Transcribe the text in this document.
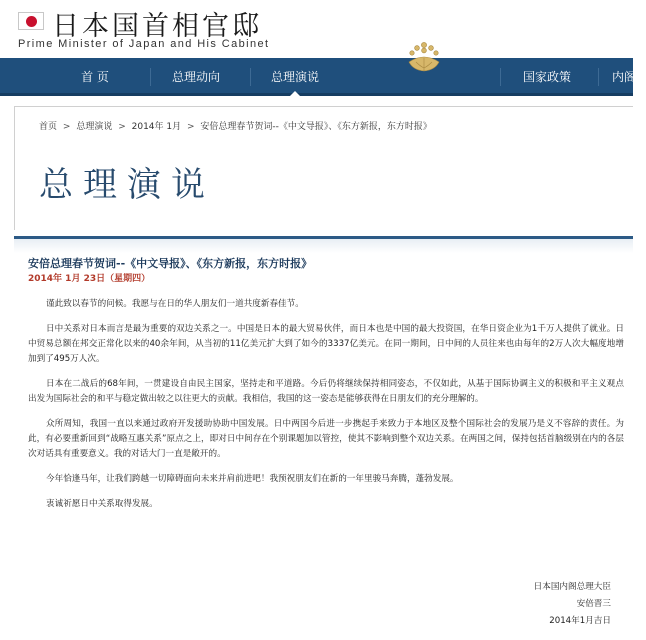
日本国首相官邸
Prime Minister of Japan and His Cabinet
首 页	总理动向	总理演说	国家政策	内阁
首页 > 总理演说 > 2014年 1月 > 安倍总理春节贺词--《中文导报》、《东方新报，东方时报》
总理演说
安倍总理春节贺词--《中文导报》、《东方新报，东方时报》
2014年 1月 23日（星期四）

谨此致以春节的问候。我愿与在日的华人朋友们一道共度新春佳节。

日中关系对日本而言是最为重要的双边关系之一。中国是日本的最大贸易伙伴，而日本也是中国的最大投资国，在华日资企业为1千万人提供了就业。日中贸易总额在邦交正常化以来的40余年间，从当初的11亿美元扩大到了如今的3337亿美元。在同一期间，日中间的人员往来也由每年的2万人次大幅度地增加到了495万人次。

日本在二战后的68年间，一贯建设自由民主国家，坚持走和平道路。今后仍将继续保持相同姿态，不仅如此，从基于国际协调主义的积极和平主义观点出发为国际社会的和平与稳定做出较之以往更大的贡献。我相信，我国的这一姿态是能够获得在日朋友们的充分理解的。

众所周知，我国一直以来通过政府开发援助协助中国发展。日中两国今后进一步携起手来致力于本地区及整个国际社会的发展乃是义不容辞的责任。为此，有必要重新回到“战略互惠关系”原点之上，即对日中间存在个别课题加以管控，使其不影响到整个双边关系。在两国之间，保持包括首脑级别在内的各层次对话具有重要意义。我的对话大门一直是敞开的。

今年恰逢马年，让我们跨越一切障碍面向未来并肩前进吧！我预祝朋友们在新的一年里骏马奔腾，蓬勃发展。

衷诚祈愿日中关系取得发展。

日本国内阁总理大臣
安倍晋三
2014年1月吉日
